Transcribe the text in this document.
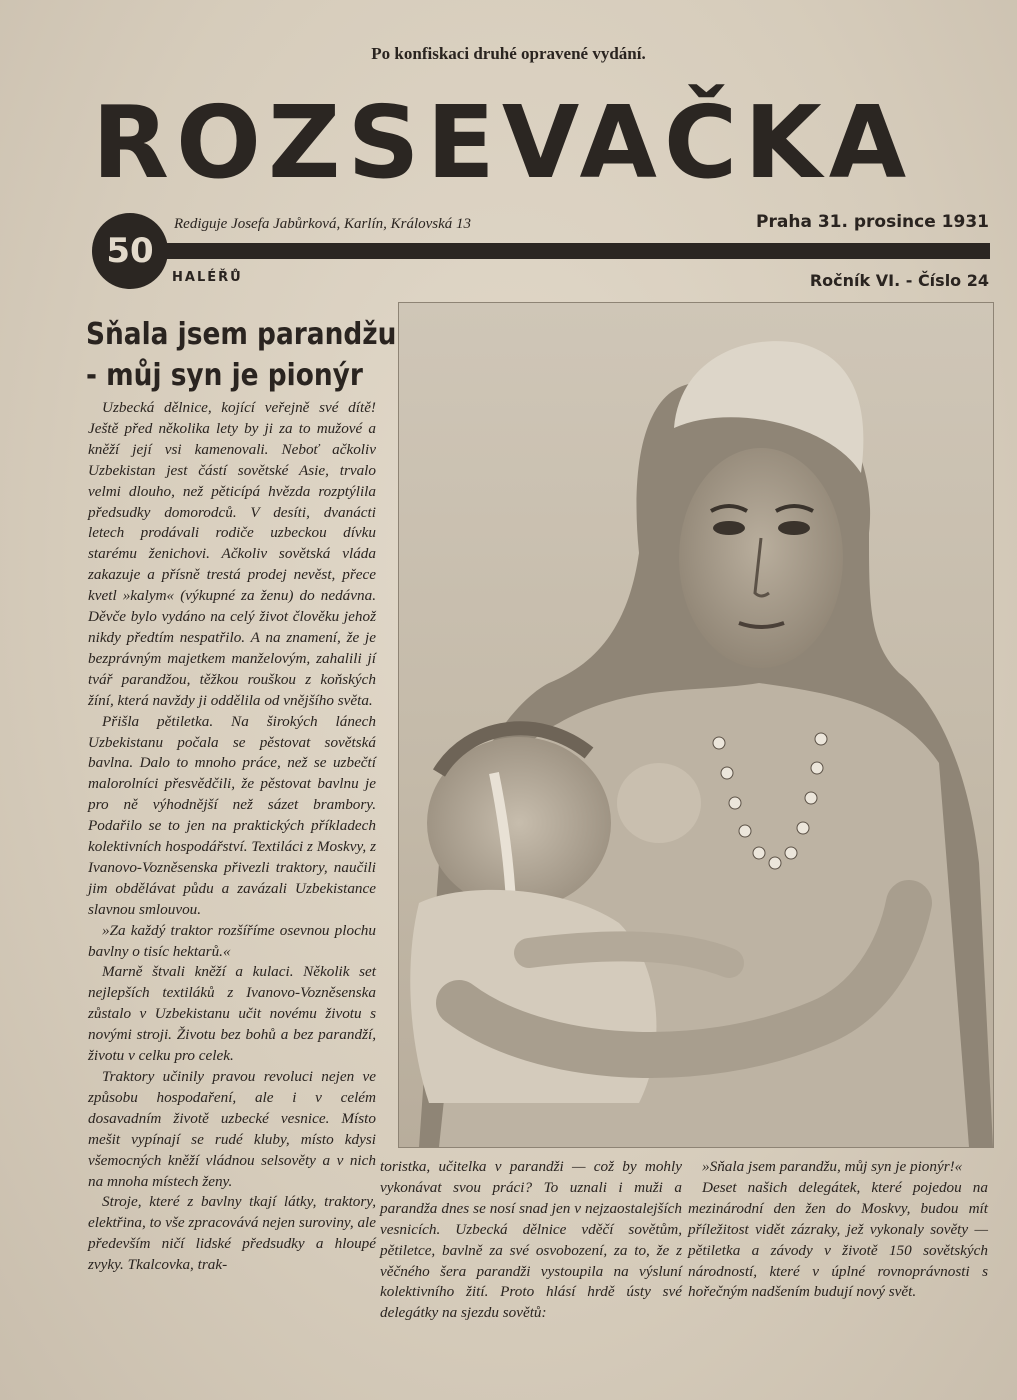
Po konfiskaci druhé opravené vydání.
ROZSEVAČKA
50
Rediguje Josefa Jabůrková, Karlín, Královská 13	Praha 31. prosince 1931
HALÉŘŮ	Ročník VI. - Číslo 24
Sňala jsem parandžu
- můj syn je pionýr

Uzbecká dělnice, kojící veřejně své dítě! Ještě před několika lety by ji za to mužové a kněží její vsi kamenovali. Neboť ačkoliv Uzbekistan jest částí sovětské Asie, trvalo velmi dlouho, než pěticípá hvězda rozptýlila předsudky domorodců. V desíti, dvanácti letech prodávali rodiče uzbeckou dívku starému ženichovi. Ačkoliv sovětská vláda zakazuje a přísně trestá prodej nevěst, přece kvetl »kalym« (výkupné za ženu) do nedávna. Děvče bylo vydáno na celý život člověku jehož nikdy předtím nespatřilo. A na znamení, že je bezprávným majetkem manželovým, zahalili jí tvář parandžou, těžkou rouškou z koňských žíní, která navždy ji oddělila od vnějšího světa.

Přišla pětiletka. Na širokých lánech Uzbekistanu počala se pěstovat sovětská bavlna. Dalo to mnoho práce, než se uzbečtí malorolníci přesvědčili, že pěstovat bavlnu je pro ně výhodnější než sázet brambory. Podařilo se to jen na praktických příkladech kolektivních hospodářství. Textiláci z Moskvy, z Ivanovo-Vozněsenska přivezli traktory, naučili jim obdělávat půdu a zavázali Uzbekistance slavnou smlouvou.

»Za každý traktor rozšíříme osevnou plochu bavlny o tisíc hektarů.«

Marně štvali kněží a kulaci. Několik set nejlepších textiláků z Ivanovo-Vozněsenska zůstalo v Uzbekistanu učit novému životu s novými stroji. Životu bez bohů a bez parandží, životu v celku pro celek.

Traktory učinily pravou revoluci nejen ve způsobu hospodaření, ale i v celém dosavadním životě uzbecké vesnice. Místo mešit vypínají se rudé kluby, místo kdysi všemocných kněží vládnou selsověty a v nich na mnoha místech ženy.

Stroje, které z bavlny tkají látky, traktory, elektřina, to vše zpracovává nejen suroviny, ale především ničí lidské předsudky a hloupé zvyky. Tkalcovka, trak-

toristka, učitelka v parandži — což by mohly vykonávat svou práci? To uznali i muži a parandža dnes se nosí snad jen v nejzaostalejších vesnicích. Uzbecká dělnice vděčí sovětům, pětiletce, bavlně za své osvobození, za to, že z věčného šera parandži vystoupila na výsluní kolektivního žití. Proto hlásí hrdě ústy své delegátky na sjezdu sovětů:

»Sňala jsem parandžu, můj syn je pionýr!«

Deset našich delegátek, které pojedou na mezinárodní den žen do Moskvy, budou mít příležitost vidět zázraky, jež vykonaly sověty — pětiletka a závody v životě 150 sovětských národností, které v úplné rovnoprávnosti s hořečným nadšením budují nový svět.
